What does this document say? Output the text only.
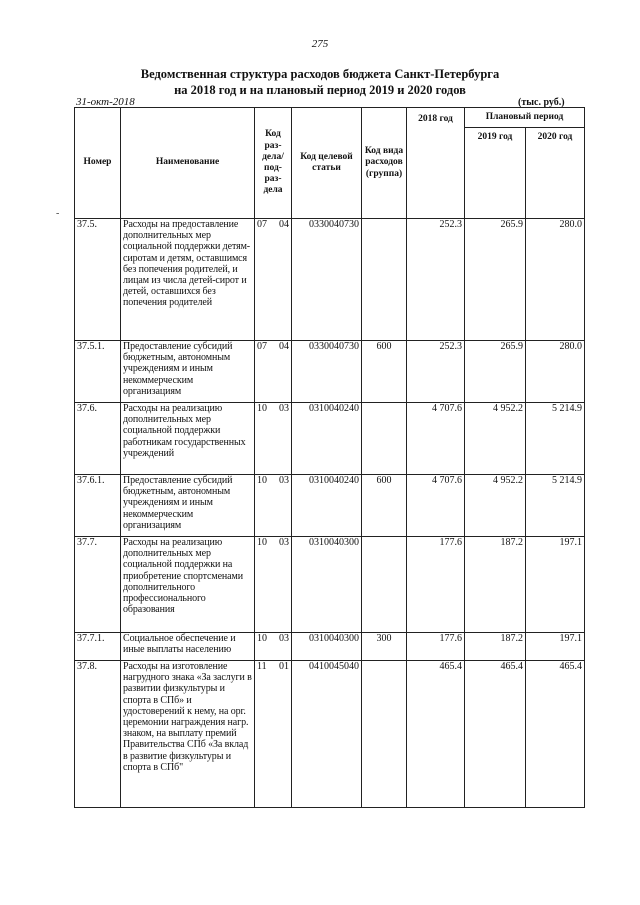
275
Ведомственная структура расходов бюджета Санкт-Петербурга
на 2018 год и на плановый период 2019 и 2020 годов
31-окт-2018	(тыс. руб.)
-
Номер	Наименование	Код раз- дела/ под- раз- дела		Код целевой статьи	Код вида расходов (группа)	2018 год	Плановый период	
							2019 год	2020 год
37.5.	Расходы на предоставление дополнительных мер социальной поддержки детям-сиротам и детям, оставшимся без попечения родителей, и лицам из числа детей-сирот и детей, оставшихся без попечения родителей	07	04	0330040730		252.3	265.9	280.0
37.5.1.	Предоставление субсидий бюджетным, автономным учреждениям и иным некоммерческим организациям	07	04	0330040730	600	252.3	265.9	280.0
37.6.	Расходы на реализацию дополнительных мер социальной поддержки работникам государственных учреждений	10	03	0310040240		4 707.6	4 952.2	5 214.9
37.6.1.	Предоставление субсидий бюджетным, автономным учреждениям и иным некоммерческим организациям	10	03	0310040240	600	4 707.6	4 952.2	5 214.9
37.7.	Расходы на реализацию дополнительных мер социальной поддержки на приобретение спортсменами дополнительного профессионального образования	10	03	0310040300		177.6	187.2	197.1
37.7.1.	Социальное обеспечение и иные выплаты населению	10	03	0310040300	300	177.6	187.2	197.1
37.8.	Расходы на изготовление нагрудного знака «За заслуги в развитии физкультуры и спорта в СПб» и удостоверений к нему, на орг. церемонии награждения нагр. знаком, на выплату премий Правительства СПб «За вклад в развитие физкультуры и спорта в СПб"	11	01	0410045040		465.4	465.4	465.4
